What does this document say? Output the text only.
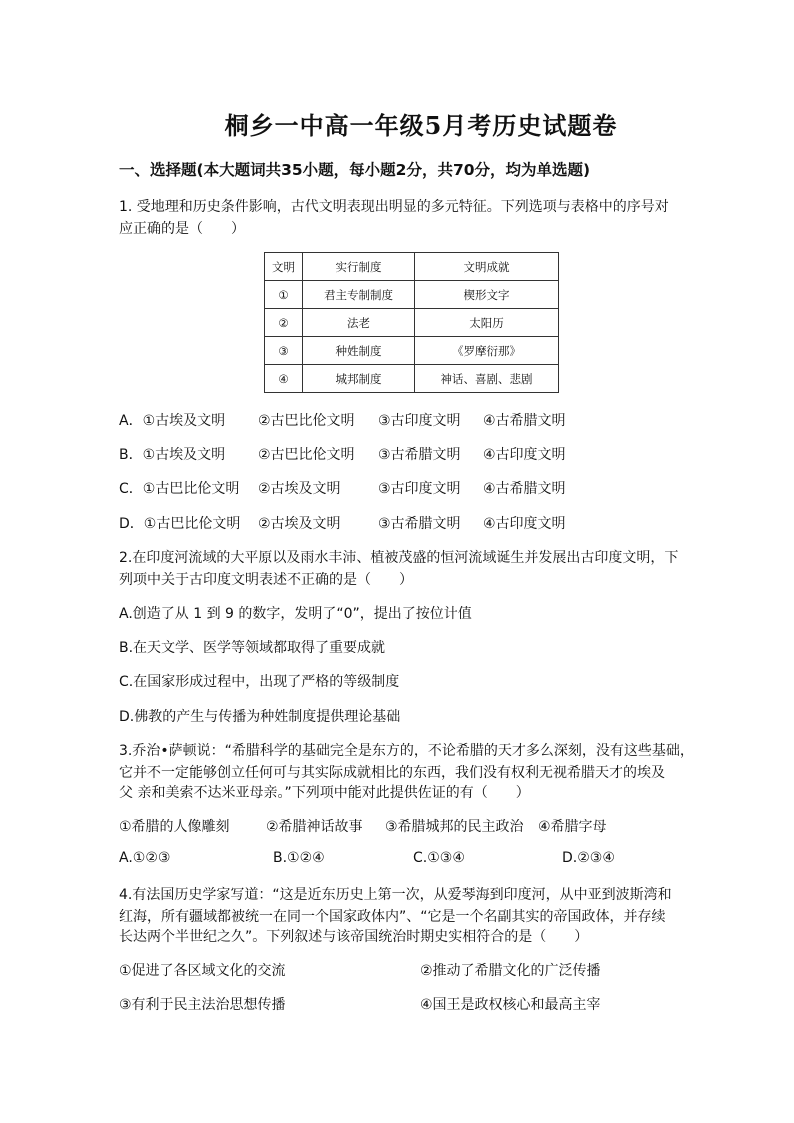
桐乡一中高一年级5月考历史试题卷
一、选择题(本大题词共35小题，每小题2分，共70分，均为单选题)
1. 受地理和历史条件影响，古代文明表现出明显的多元特征。下列选项与表格中的序号对
应正确的是（　　）
文明	实行制度	文明成就
①	君主专制制度	楔形文字
②	法老	太阳历
③	种姓制度	《罗摩衍那》
④	城邦制度	神话、喜剧、悲剧
A．①古埃及文明 ②古巴比伦文明 ③古印度文明 ④古希腊文明
B．①古埃及文明 ②古巴比伦文明 ③古希腊文明 ④古印度文明
C．①古巴比伦文明 ②古埃及文明	③古印度文明 ④古希腊文明
D．①古巴比伦文明 ②古埃及文明	③古希腊文明 ④古印度文明
2.在印度河流域的大平原以及雨水丰沛、植被茂盛的恒河流域诞生并发展出古印度文明，下
列项中关于古印度文明表述不正确的是（　　）
A.创造了从 1 到 9 的数字，发明了“0”，提出了按位计值
B.在天文学、医学等领域都取得了重要成就
C.在国家形成过程中，出现了严格的等级制度
D.佛教的产生与传播为种姓制度提供理论基础
3.乔治•萨顿说：“希腊科学的基础完全是东方的，不论希腊的天才多么深刻，没有这些基础，
它并不一定能够创立任何可与其实际成就相比的东西，我们没有权利无视希腊天才的埃及
父 亲和美索不达米亚母亲。”下列项中能对此提供佐证的有（　　）
①希腊的人像雕刻	②希腊神话故事 ③希腊城邦的民主政治 ④希腊字母
A.①②③	B.①②④	C.①③④	D.②③④
4.有法国历史学家写道：“这是近东历史上第一次，从爱琴海到印度河，从中亚到波斯湾和
红海，所有疆域都被统一在同一个国家政体内”、“它是一个名副其实的帝国政体，并存续
长达两个半世纪之久”。下列叙述与该帝国统治时期史实相符合的是（　　）
①促进了各区域文化的交流	②推动了希腊文化的广泛传播
③有利于民主法治思想传播	④国王是政权核心和最高主宰
